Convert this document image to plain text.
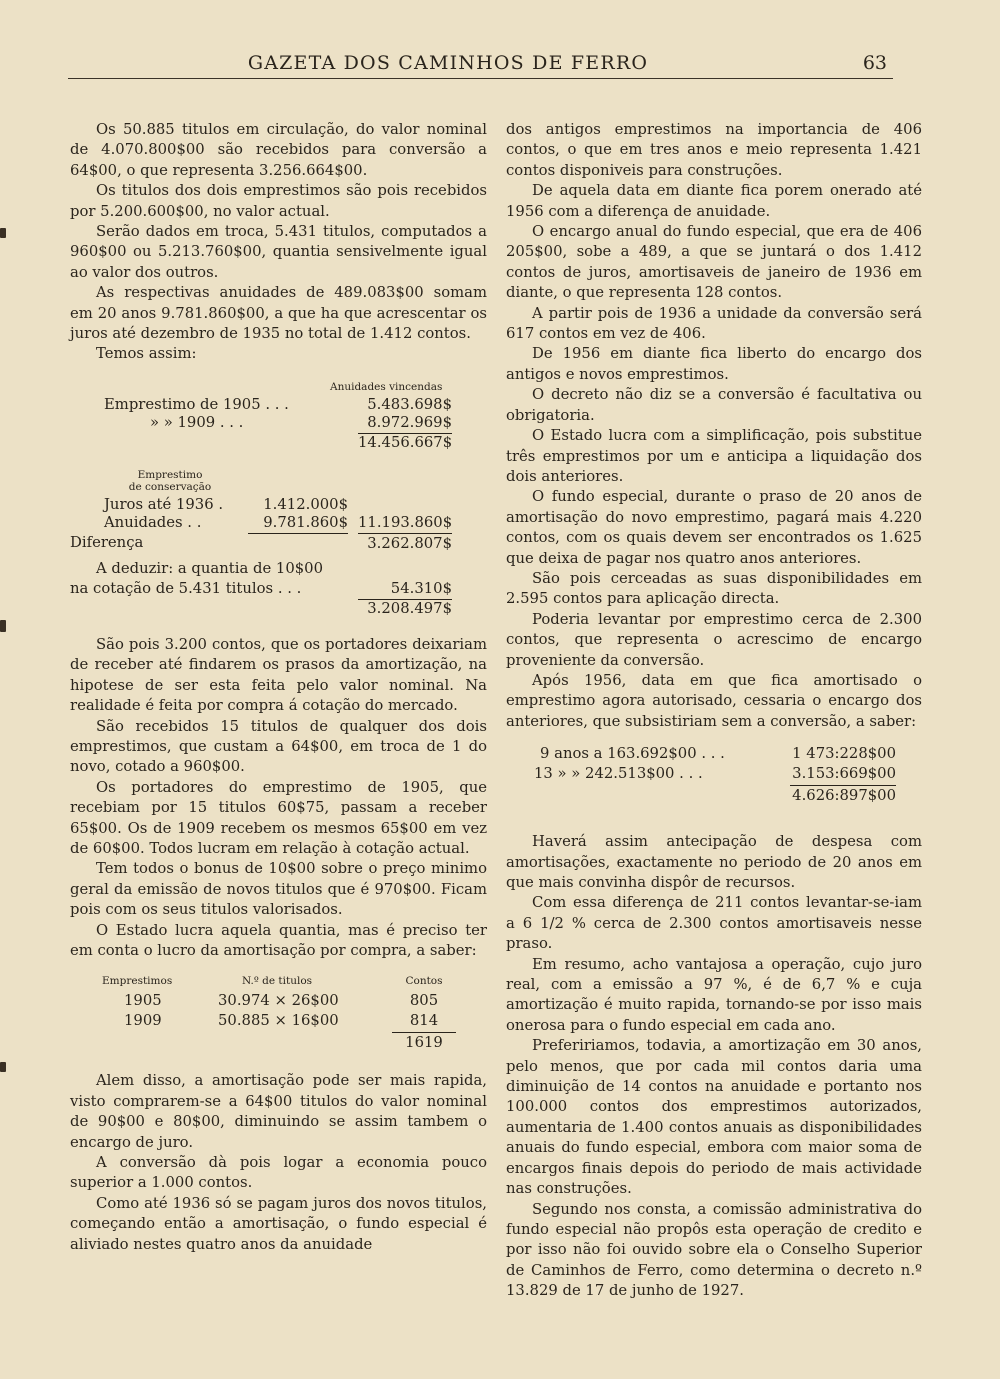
GAZETA DOS CAMINHOS DE FERRO	63

Os 50.885 titulos em circulação, do valor nominal de 4.070.800$00 são recebidos para conversão a 64$00, o que representa 3.256.664$00.

Os titulos dos dois emprestimos são pois recebidos por 5.200.600$00, no valor actual.

Serão dados em troca, 5.431 titulos, computados a 960$00 ou 5.213.760$00, quantia sensivelmente igual ao valor dos outros.

As respectivas anuidades de 489.083$00 somam em 20 anos 9.781.860$00, a que ha que acrescentar os juros até dezembro de 1935 no total de 1.412 contos.

Temos assim:

Anuidades vincendas
Emprestimo de 1905 . . .	5.483.698$
» » 1909 . . .	8.972.969$
14.456.667$
Emprestimo
de conservação
Juros até 1936 .	1.412.000$
Anuidades . .	9.781.860$ 11.193.860$
Diferença	3.262.807$
A deduzir: a quantia de 10$00
na cotação de 5.431 titulos . . .	54.310$
3.208.497$

São pois 3.200 contos, que os portadores deixariam de receber até findarem os prasos da amortização, na hipotese de ser esta feita pelo valor nominal. Na realidade é feita por compra á cotação do mercado.

São recebidos 15 titulos de qualquer dos dois emprestimos, que custam a 64$00, em troca de 1 do novo, cotado a 960$00.

Os portadores do emprestimo de 1905, que recebiam por 15 titulos 60$75, passam a receber 65$00. Os de 1909 recebem os mesmos 65$00 em vez de 60$00. Todos lucram em relação à cotação actual.

Tem todos o bonus de 10$00 sobre o preço minimo geral da emissão de novos titulos que é 970$00. Ficam pois com os seus titulos valorisados.

O Estado lucra aquela quantia, mas é preciso ter em conta o lucro da amortisação por compra, a saber:

Emprestimos	N.º de titulos	Contos
1905	30.974 × 26$00	805
1909	50.885 × 16$00	814
1619

Alem disso, a amortisação pode ser mais rapida, visto comprarem-se a 64$00 titulos do valor nominal de 90$00 e 80$00, diminuindo se assim tambem o encargo de juro.

A conversão dà pois logar a economia pouco superior a 1.000 contos.

Como até 1936 só se pagam juros dos novos titulos, começando então a amortisação, o fundo especial é aliviado nestes quatro anos da anuidade

dos antigos emprestimos na importancia de 406 contos, o que em tres anos e meio representa 1.421 contos disponiveis para construções.

De aquela data em diante fica porem onerado até 1956 com a diferença de anuidade.

O encargo anual do fundo especial, que era de 406 205$00, sobe a 489, a que se juntará o dos 1.412 contos de juros, amortisaveis de janeiro de 1936 em diante, o que representa 128 contos.

A partir pois de 1936 a unidade da conversão será 617 contos em vez de 406.

De 1956 em diante fica liberto do encargo dos antigos e novos emprestimos.

O decreto não diz se a conversão é facultativa ou obrigatoria.

O Estado lucra com a simplificação, pois substitue três emprestimos por um e anticipa a liquidação dos dois anteriores.

O fundo especial, durante o praso de 20 anos de amortisação do novo emprestimo, pagará mais 4.220 contos, com os quais devem ser encontrados os 1.625 que deixa de pagar nos quatro anos anteriores.

São pois cerceadas as suas disponibilidades em 2.595 contos para aplicação directa.

Poderia levantar por emprestimo cerca de 2.300 contos, que representa o acrescimo de encargo proveniente da conversão.

Após 1956, data em que fica amortisado o emprestimo agora autorisado, cessaria o encargo dos anteriores, que subsistiriam sem a conversão, a saber:

9 anos a 163.692$00 . . .	1 473:228$00
13 » » 242.513$00 . . .	3.153:669$00
4.626:897$00

Haverá assim antecipação de despesa com amortisações, exactamente no periodo de 20 anos em que mais convinha dispôr de recursos.

Com essa diferença de 211 contos levantar-se-iam a 6 1/2 % cerca de 2.300 contos amortisaveis nesse praso.

Em resumo, acho vantajosa a operação, cujo juro real, com a emissão a 97 %, é de 6,7 % e cuja amortização é muito rapida, tornando-se por isso mais onerosa para o fundo especial em cada ano.

Prefeririamos, todavia, a amortização em 30 anos, pelo menos, que por cada mil contos daria uma diminuição de 14 contos na anuidade e portanto nos 100.000 contos dos emprestimos autorizados, aumentaria de 1.400 contos anuais as disponibilidades anuais do fundo especial, embora com maior soma de encargos finais depois do periodo de mais actividade nas construções.

Segundo nos consta, a comissão administrativa do fundo especial não propôs esta operação de credito e por isso não foi ouvido sobre ela o Conselho Superior de Caminhos de Ferro, como determina o decreto n.º 13.829 de 17 de junho de 1927.
